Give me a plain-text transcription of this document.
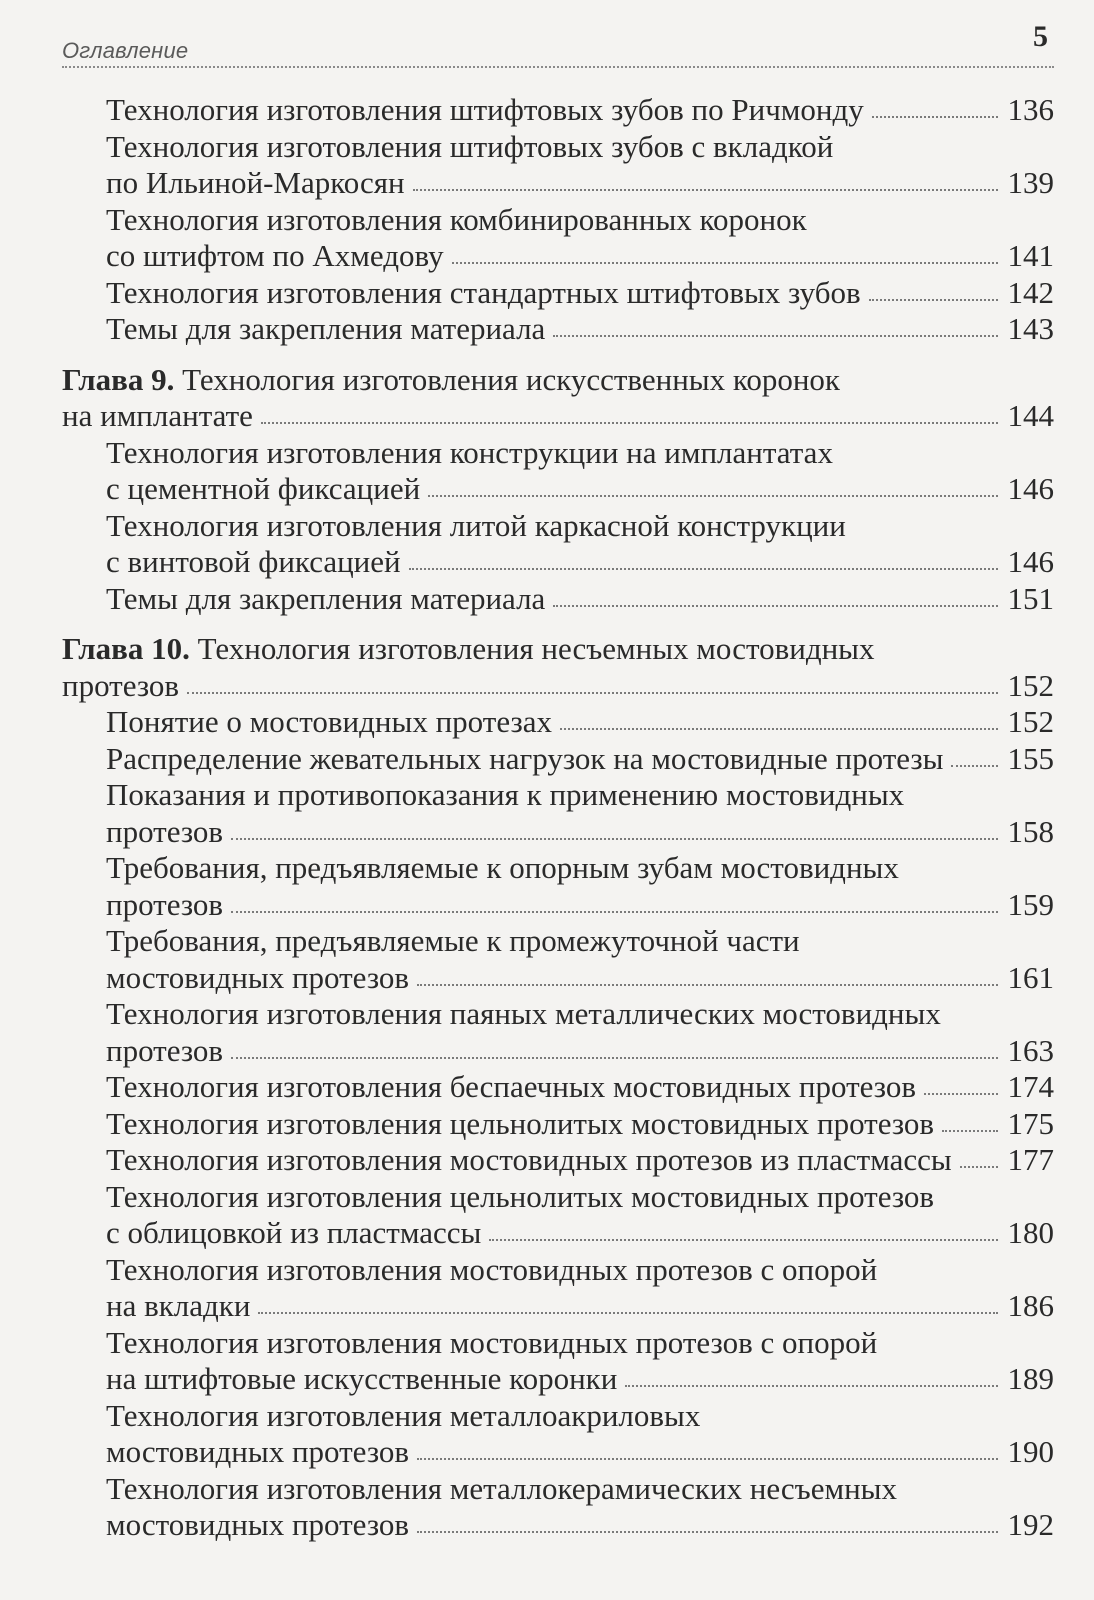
Оглавление	5
Технология изготовления штифтовых зубов по Ричмонду	136
Технология изготовления штифтовых зубов с вкладкой
по Ильиной-Маркосян	139
Технология изготовления комбинированных коронок
со штифтом по Ахмедову	141
Технология изготовления стандартных штифтовых зубов	142
Темы для закрепления материала	143
Глава 9. Технология изготовления искусственных коронок
на имплантате	144
Технология изготовления конструкции на имплантатах
с цементной фиксацией	146
Технология изготовления литой каркасной конструкции
с винтовой фиксацией	146
Темы для закрепления материала	151
Глава 10. Технология изготовления несъемных мостовидных
протезов	152
Понятие о мостовидных протезах	152
Распределение жевательных нагрузок на мостовидные протезы 155
Показания и противопоказания к применению мостовидных
протезов	158
Требования, предъявляемые к опорным зубам мостовидных
протезов	159
Требования, предъявляемые к промежуточной части
мостовидных протезов	161
Технология изготовления паяных металлических мостовидных
протезов	163
Технология изготовления беспаечных мостовидных протезов	174
Технология изготовления цельнолитых мостовидных протезов 175
Технология изготовления мостовидных протезов из пластмассы 177
Технология изготовления цельнолитых мостовидных протезов
с облицовкой из пластмассы	180
Технология изготовления мостовидных протезов с опорой
на вкладки	186
Технология изготовления мостовидных протезов с опорой
на штифтовые искусственные коронки	189
Технология изготовления металлоакриловых
мостовидных протезов	190
Технология изготовления металлокерамических несъемных
мостовидных протезов	192
